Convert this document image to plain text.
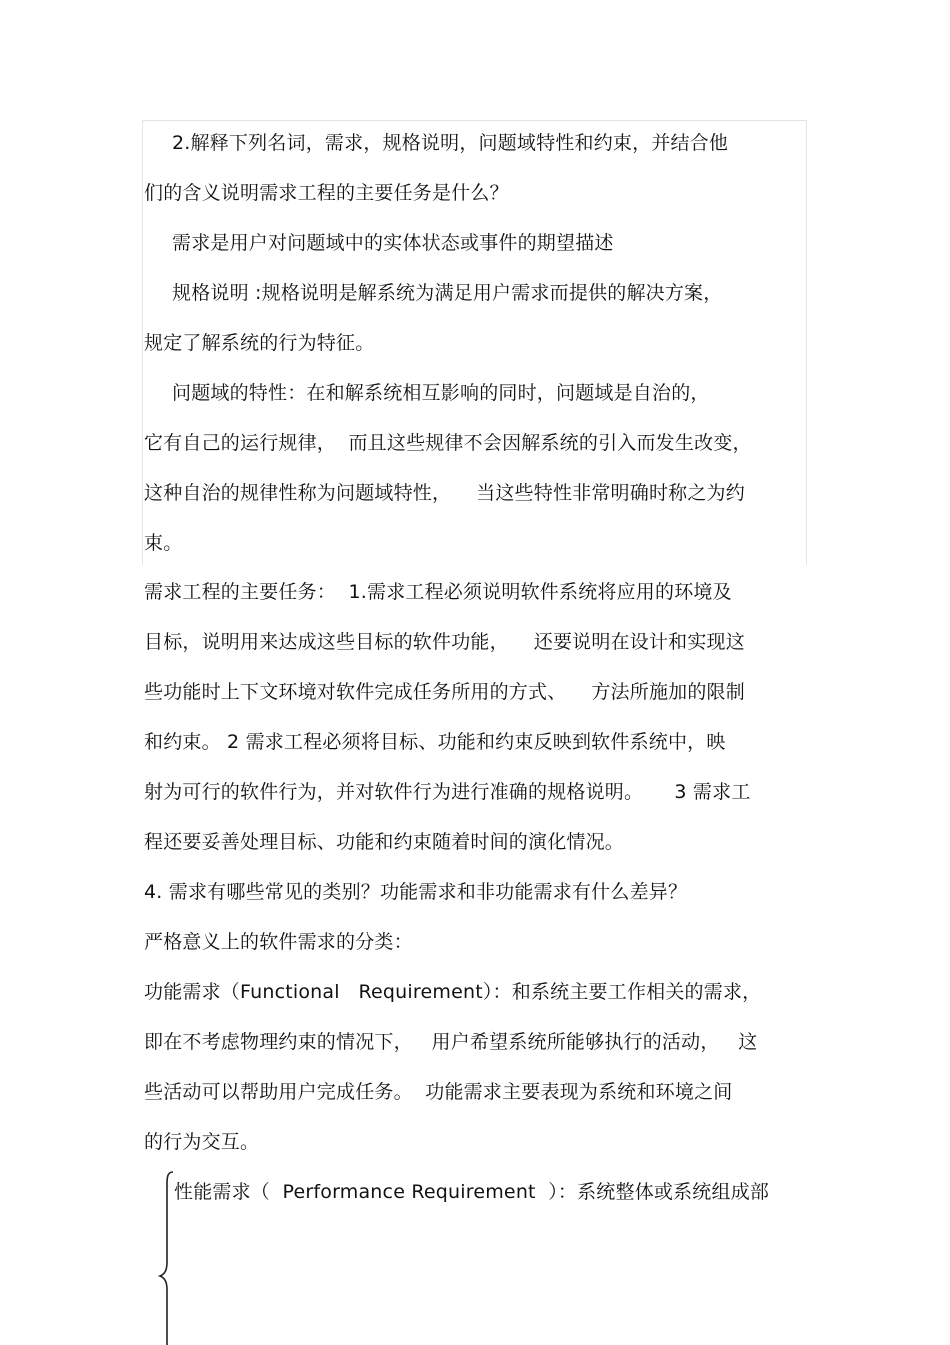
2.解释下列名词，需求，规格说明，问题域特性和约束，并结合他
们的含义说明需求工程的主要任务是什么？
需求是用户对问题域中的实体状态或事件的期望描述
规格说明 :规格说明是解系统为满足用户需求而提供的解决方案，
规定了解系统的行为特征。
问题域的特性：在和解系统相互影响的同时，问题域是自治的，
它有自己的运行规律，  而且这些规律不会因解系统的引入而发生改变，
这种自治的规律性称为问题域特性，    当这些特性非常明确时称之为约
束。
需求工程的主要任务：  1.需求工程必须说明软件系统将应用的环境及
目标，说明用来达成这些目标的软件功能，    还要说明在设计和实现这
些功能时上下文环境对软件完成任务所用的方式、    方法所施加的限制
和约束。 2 需求工程必须将目标、功能和约束反映到软件系统中，映
射为可行的软件行为，并对软件行为进行准确的规格说明。     3 需求工
程还要妥善处理目标、功能和约束随着时间的演化情况。
4. 需求有哪些常见的类别？功能需求和非功能需求有什么差异？
严格意义上的软件需求的分类：
功能需求（Functional   Requirement）：和系统主要工作相关的需求，
即在不考虑物理约束的情况下，   用户希望系统所能够执行的活动，   这
些活动可以帮助用户完成任务。  功能需求主要表现为系统和环境之间
的行为交互。
性能需求（  Performance Requirement  ）：系统整体或系统组成部
